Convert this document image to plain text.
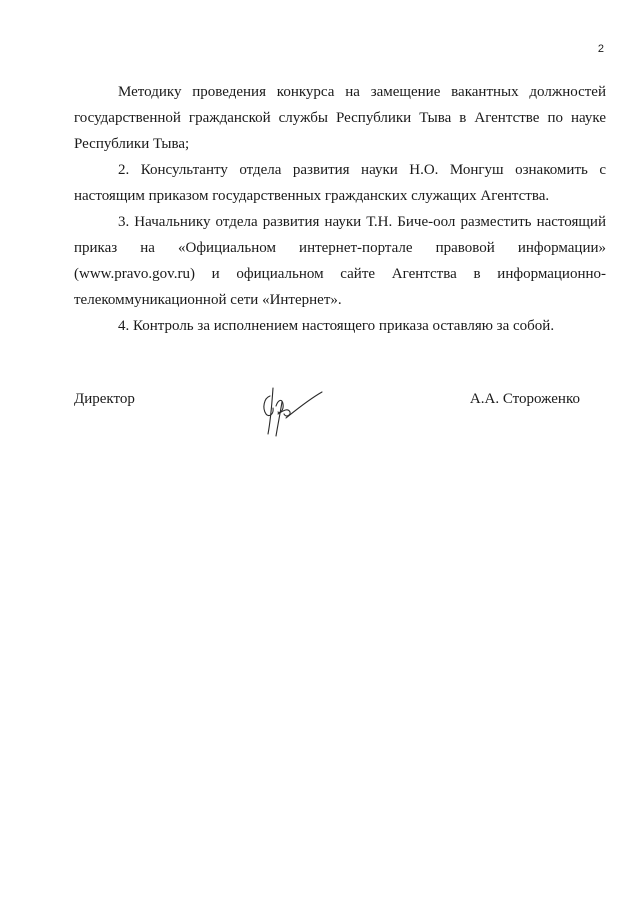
2

Методику проведения конкурса на замещение вакантных должностей государственной гражданской службы Республики Тыва в Агентстве по науке Республики Тыва;

2. Консультанту отдела развития науки Н.О. Монгуш ознакомить с настоящим приказом государственных гражданских служащих Агентства.

3. Начальнику отдела развития науки Т.Н. Биче-оол разместить настоящий приказ на «Официальном интернет-портале правовой информации» (www.pravo.gov.ru) и официальном сайте Агентства в информационно-телекоммуникационной сети «Интернет».

4. Контроль за исполнением настоящего приказа оставляю за собой.

Директор	А.А. Стороженко
